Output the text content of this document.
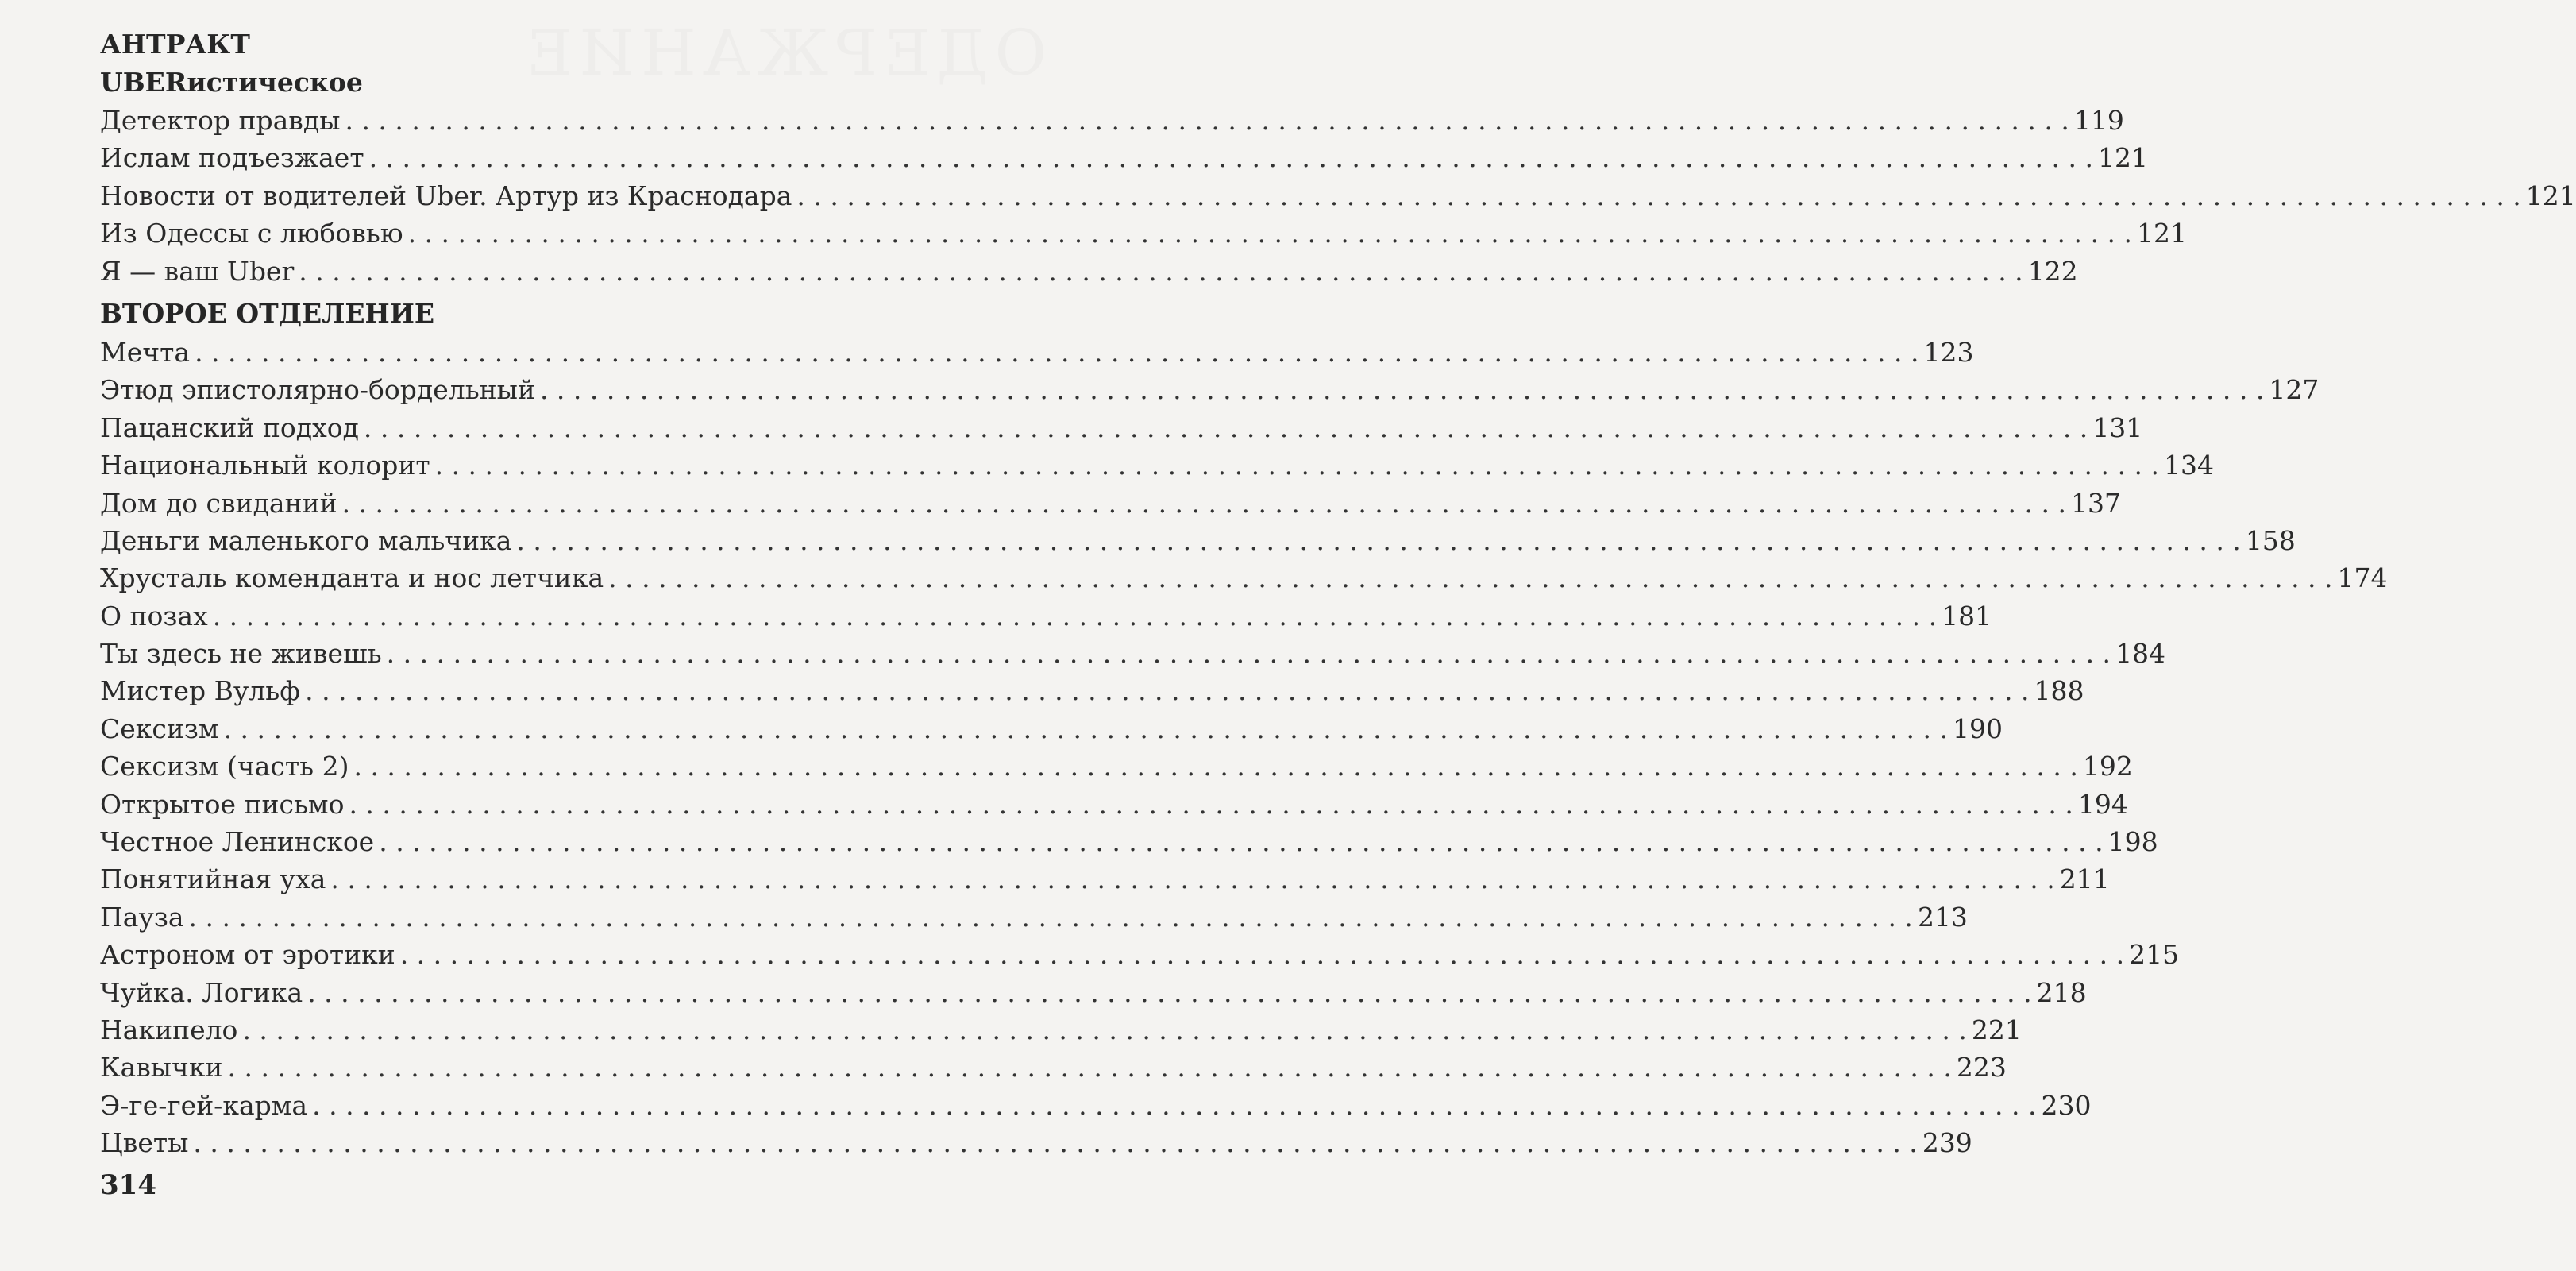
ОДЕРЖАНИЕ
АНТРАКТ
UBERистическое
Детектор правды . . .	119
Ислам подъезжает . . .	121
Новости от водителей Uber. Артур из Краснодара . . .	121
Из Одессы с любовью . . .	121
Я — ваш Uber . . .	122
ВТОРОЕ ОТДЕЛЕНИЕ
Мечта . . .	123
Этюд эпистолярно-бордельный . . .	127
Пацанский подход . . .	131
Национальный колорит . . .	134
Дом до свиданий . . .	137
Деньги маленького мальчика . . .	158
Хрусталь коменданта и нос летчика . . .	174
О позах . . .	181
Ты здесь не живешь . . .	184
Мистер Вульф . . .	188
Сексизм . . .	190
Сексизм (часть 2) . . .	192
Открытое письмо . . .	194
Честное Ленинское . . .	198
Понятийная уха . . .	211
Пауза . . .	213
Астроном от эротики . . .	215
Чуйка. Логика . . .	218
Накипело . . .	221
Кавычки . . .	223
Э-ге-гей-карма . . .	230
Цветы . . .	239
314
